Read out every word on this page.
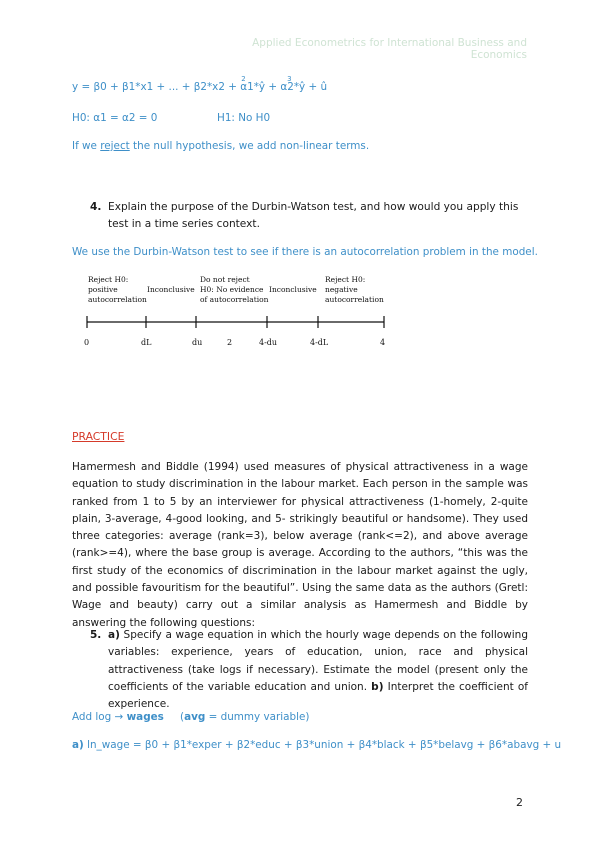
Applied Econometrics for International Business and Economics
y = β0 + β1*x1 + ... + β2*x2 + α1*ŷ
2
+ α2*ŷ
3
+ û
H0: α1 = α2 = 0	H1: No H0
If we reject the null hypothesis, we add non-linear terms.
4. Explain the purpose of the Durbin-Watson test, and how would you apply this test in a time series context.
We use the Durbin-Watson test to see if there is an autocorrelation problem in the model.
Reject H0:
positive
autocorrelation
Inconclusive
Do not reject
H0: No evidence
of autocorrelation
Inconclusive
Reject H0:
negative
autocorrelation
0	dL	du	2	4-du	4-dL	4
PRACTICE
Hamermesh and Biddle (1994) used measures of physical attractiveness in a wage equation to study discrimination in the labour market. Each person in the sample was ranked from 1 to 5 by an interviewer for physical attractiveness (1-homely, 2-quite plain, 3-average, 4-good looking, and 5- strikingly beautiful or handsome). They used three categories: average (rank=3), below average (rank<=2), and above average (rank>=4), where the base group is average. According to the authors, “this was the first study of the economics of discrimination in the labour market against the ugly, and possible favouritism for the beautiful”. Using the same data as the authors (Gretl: Wage and beauty) carry out a similar analysis as Hamermesh and Biddle by answering the following questions:
5. a) Specify a wage equation in which the hourly wage depends on the following variables: experience, years of education, union, race and physical attractiveness (take logs if necessary). Estimate the model (present only the coefficients of the variable education and union. b) Interpret the coefficient of experience.
Add log → wages (avg = dummy variable)
a) ln_wage = β0 + β1*exper + β2*educ + β3*union + β4*black + β5*belavg + β6*abavg + u
2
